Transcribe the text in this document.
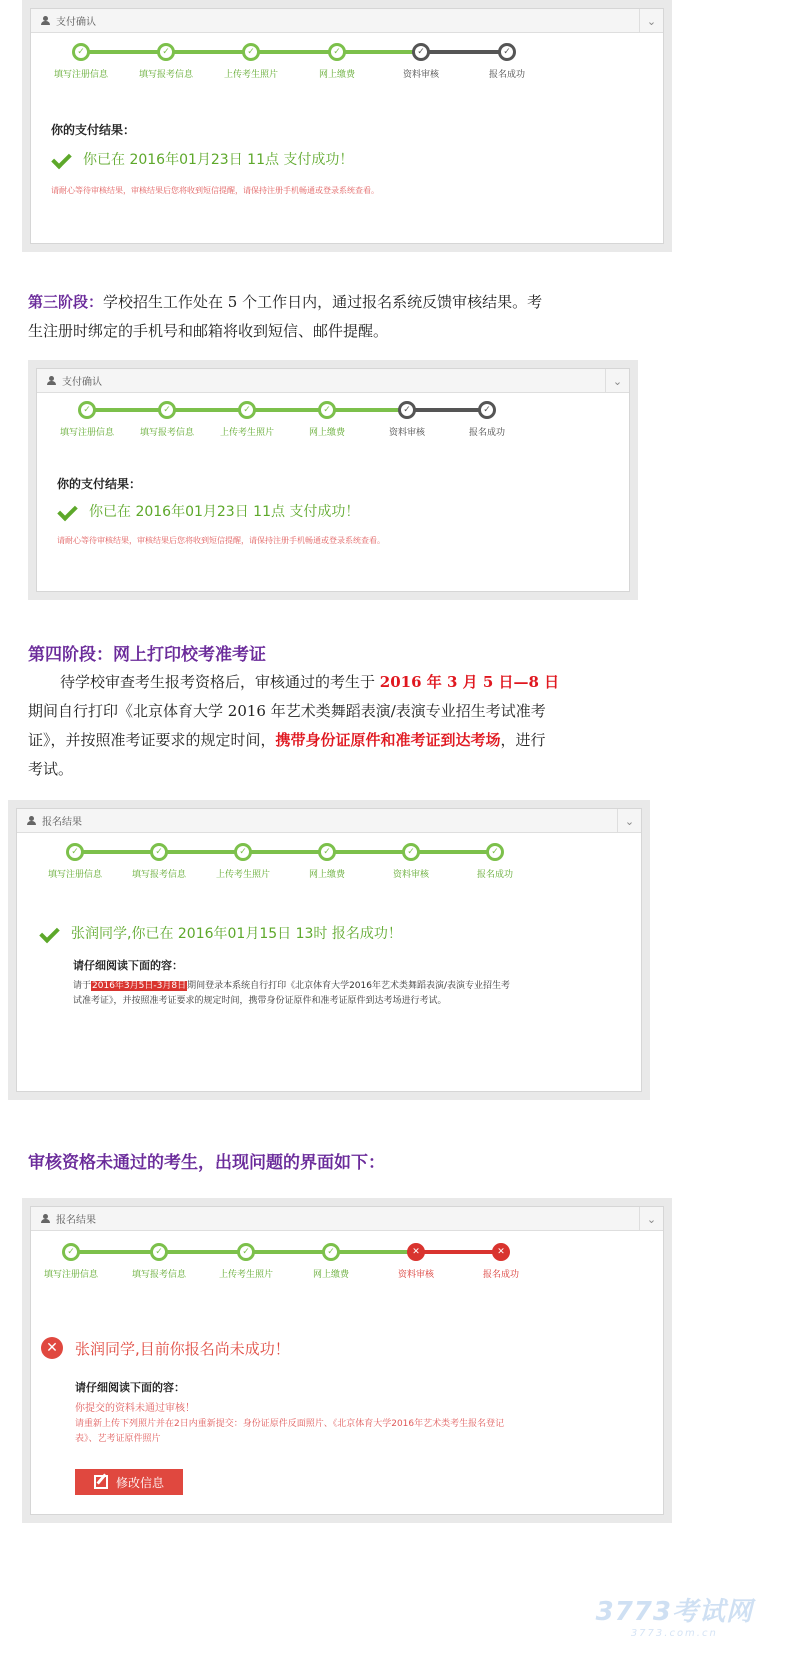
支付确认	⌄
✓
填写注册信息
✓
填写报考信息
✓
上传考生照片
✓
网上缴费
✓
资料审核
✓
报名成功
你的支付结果：
你已在 2016年01月23日 11点 支付成功！
请耐心等待审核结果，审核结果后您将收到短信提醒，请保持注册手机畅通或登录系统查看。
第三阶段：学校招生工作处在 5 个工作日内，通过报名系统反馈审核结果。考
生注册时绑定的手机号和邮箱将收到短信、邮件提醒。
支付确认	⌄
✓
填写注册信息
✓
填写报考信息
✓
上传考生照片
✓
网上缴费
✓
资料审核
✓
报名成功
你的支付结果：
你已在 2016年01月23日 11点 支付成功！
请耐心等待审核结果，审核结果后您将收到短信提醒，请保持注册手机畅通或登录系统查看。
第四阶段：网上打印校考准考证
待学校审查考生报考资格后，审核通过的考生于 2016 年 3 月 5 日—8 日
期间自行打印《北京体育大学 2016 年艺术类舞蹈表演/表演专业招生考试准考
证》，并按照准考证要求的规定时间，携带身份证原件和准考证到达考场，进行
考试。
报名结果	⌄
✓
填写注册信息
✓
填写报考信息
✓
上传考生照片
✓
网上缴费
✓
资料审核
✓
报名成功
张润同学,你已在 2016年01月15日 13时 报名成功！
请仔细阅读下面的容：
请于2016年3月5日-3月8日期间登录本系统自行打印《北京体育大学2016年艺术类舞蹈表演/表演专业招生考
试准考证》，并按照准考证要求的规定时间，携带身份证原件和准考证原件到达考场进行考试。
审核资格未通过的考生，出现问题的界面如下：
报名结果	⌄
✓
填写注册信息
✓
填写报考信息
✓
上传考生照片
✓
网上缴费
✕
资料审核
✕
报名成功
✕	张润同学,目前你报名尚未成功！
请仔细阅读下面的容：
你提交的资料未通过审核！
请重新上传下列照片并在2日内重新提交：身份证原件反面照片、《北京体育大学2016年艺术类考生报名登记
表》、艺考证原件照片
修改信息
3773考试网
3773.com.cn
